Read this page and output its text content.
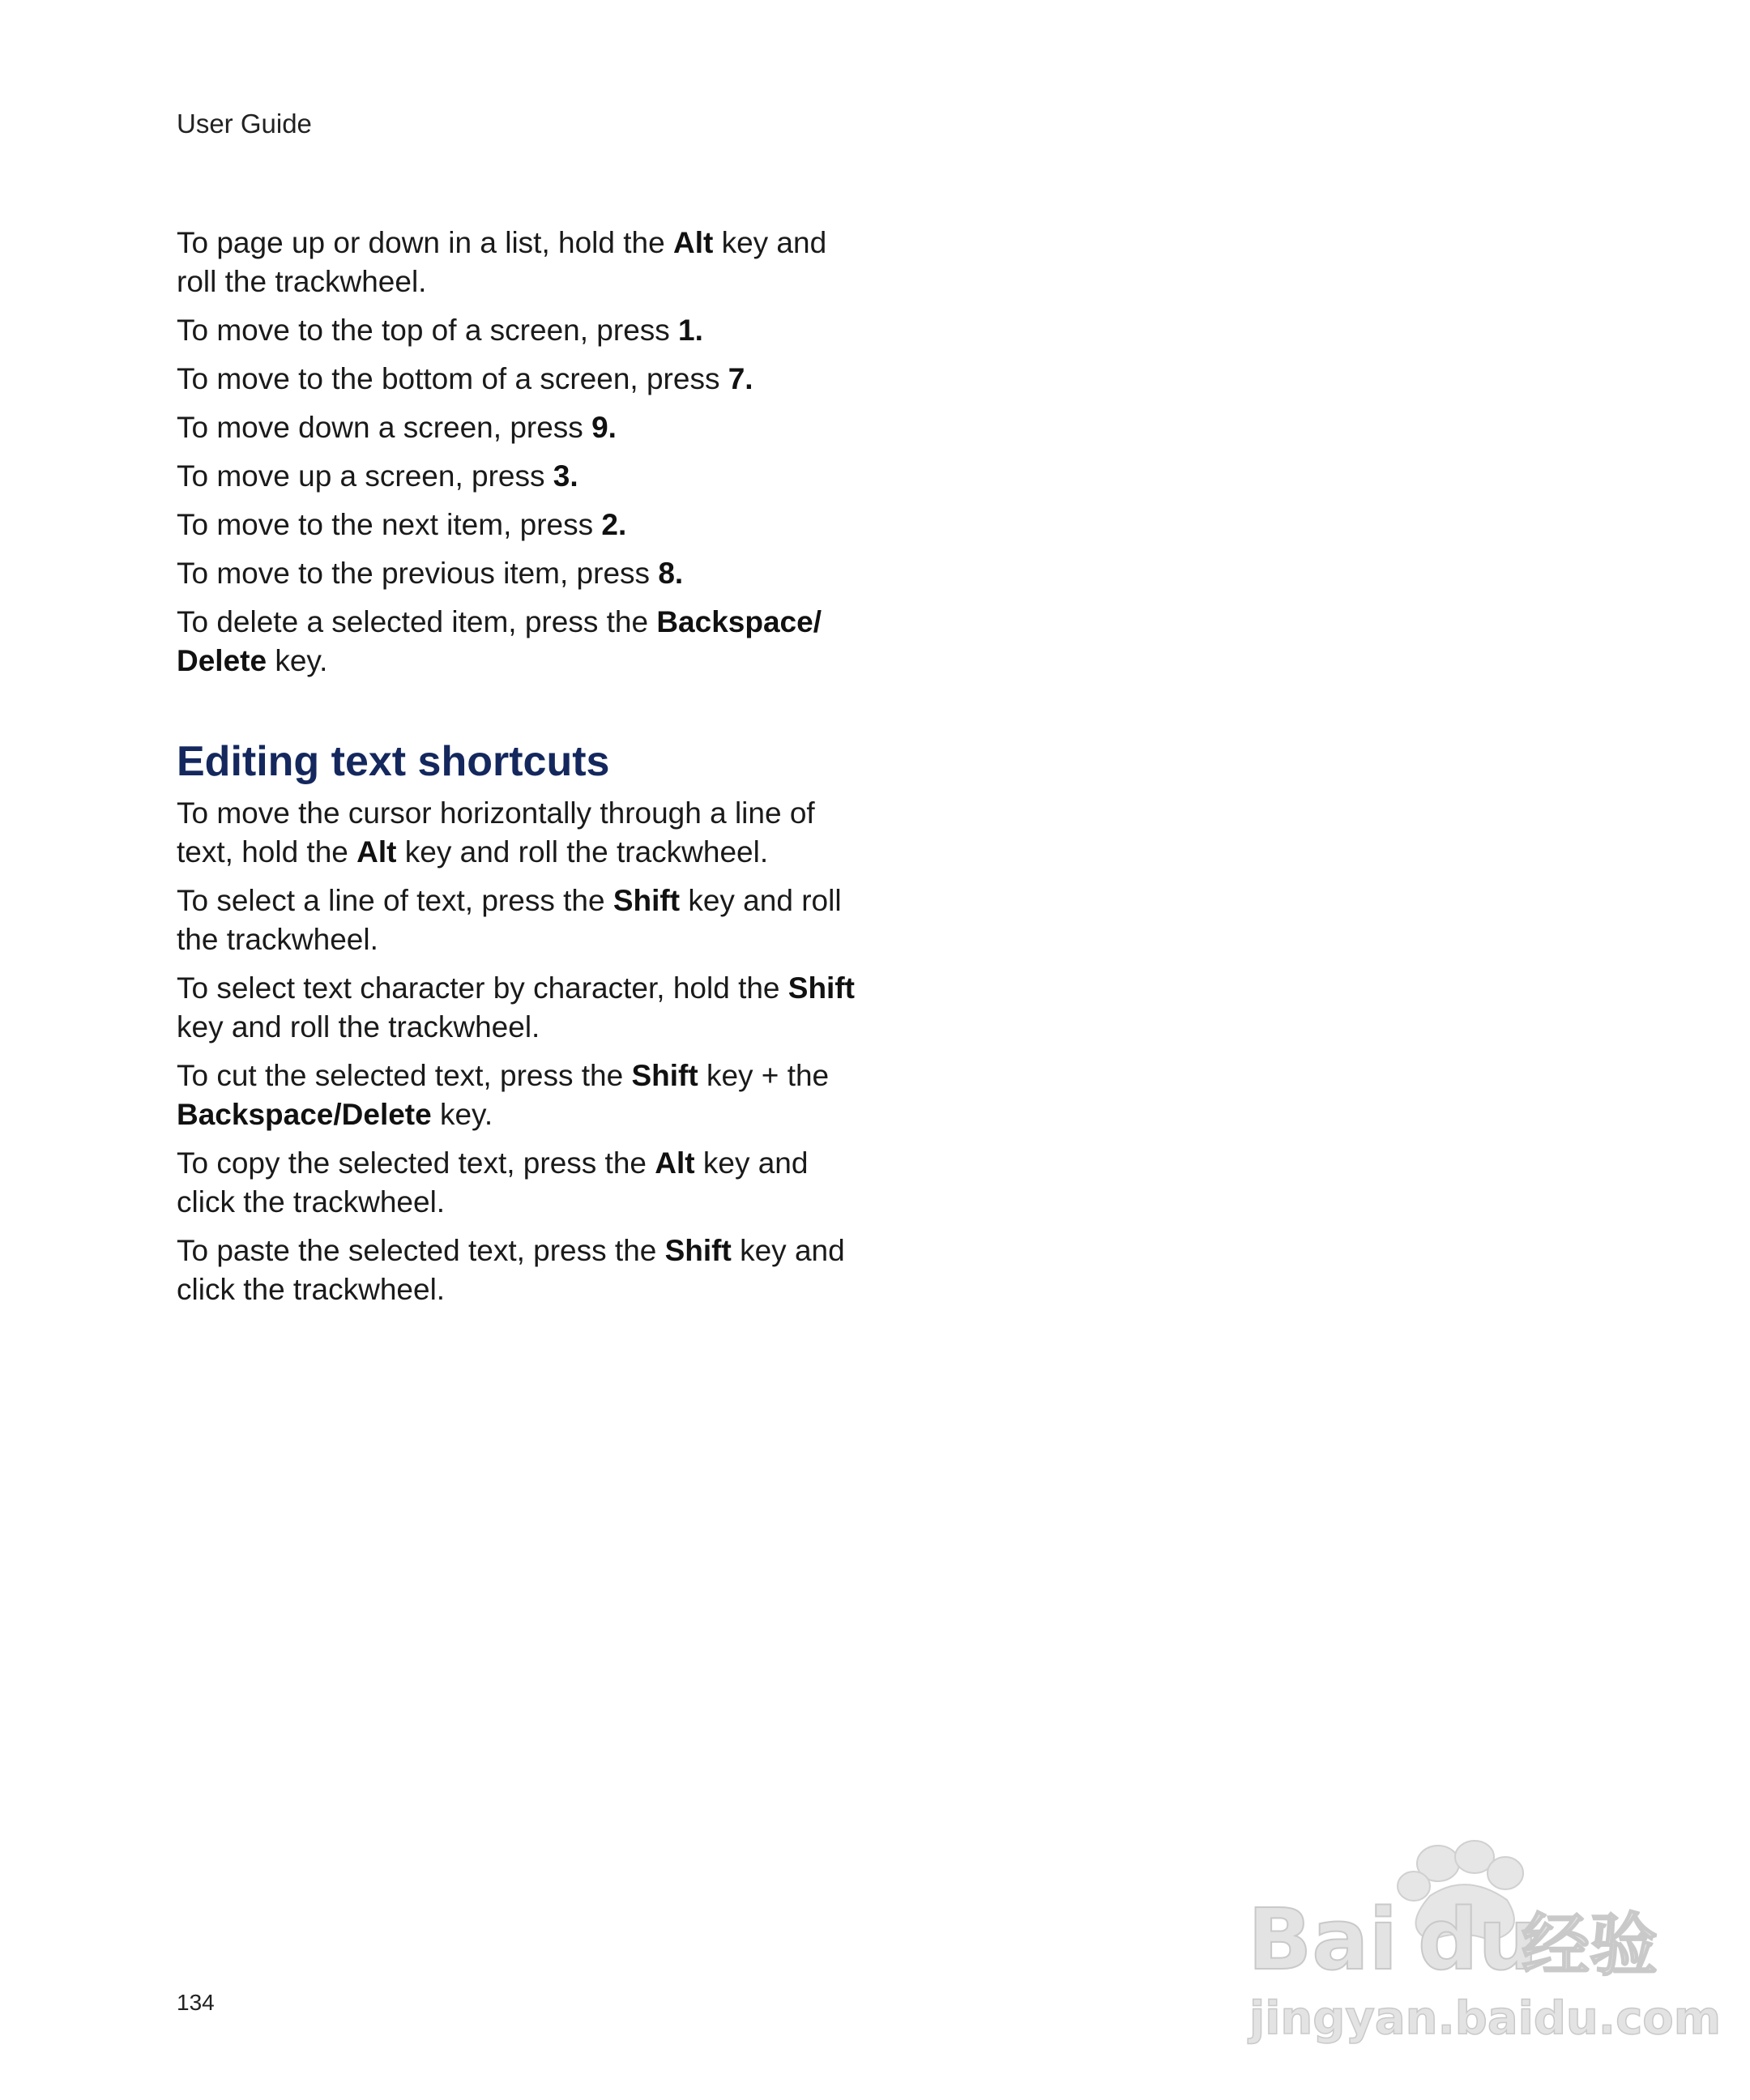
User Guide

To page up or down in a list, hold the Alt key and roll the trackwheel.

To move to the top of a screen, press 1.

To move to the bottom of a screen, press 7.

To move down a screen, press 9.

To move up a screen, press 3.

To move to the next item, press 2.

To move to the previous item, press 8.

To delete a selected item, press the Backspace/ Delete key.

Editing text shortcuts

To move the cursor horizontally through a line of text, hold the Alt key and roll the trackwheel.

To select a line of text, press the Shift key and roll the trackwheel.

To select text character by character, hold the Shift key and roll the trackwheel.

To cut the selected text, press the Shift key + the Backspace/Delete key.

To copy the selected text, press the Alt key and click the trackwheel.

To paste the selected text, press the Shift key and click the trackwheel.

134
Bai du
经验
jingyan.baidu.com
